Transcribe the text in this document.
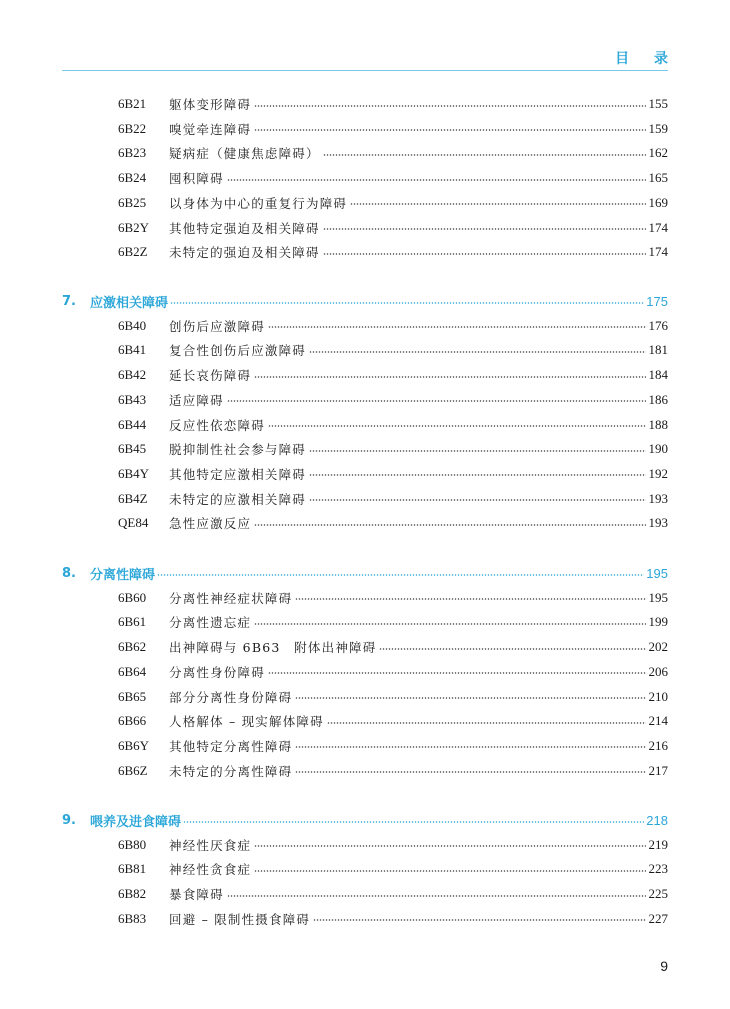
目 录
6B21	躯体变形障碍	155
6B22	嗅觉牵连障碍	159
6B23	疑病症（健康焦虑障碍）	162
6B24	囤积障碍	165
6B25	以身体为中心的重复行为障碍	169
6B2Y	其他特定强迫及相关障碍	174
6B2Z	未特定的强迫及相关障碍	174
7.	应激相关障碍	175
6B40	创伤后应激障碍	176
6B41	复合性创伤后应激障碍	181
6B42	延长哀伤障碍	184
6B43	适应障碍	186
6B44	反应性依恋障碍	188
6B45	脱抑制性社会参与障碍	190
6B4Y	其他特定应激相关障碍	192
6B4Z	未特定的应激相关障碍	193
QE84	急性应激反应	193
8.	分离性障碍	195
6B60	分离性神经症状障碍	195
6B61	分离性遗忘症	199
6B62	出神障碍与 6B63　附体出神障碍	202
6B64	分离性身份障碍	206
6B65	部分分离性身份障碍	210
6B66	人格解体 – 现实解体障碍	214
6B6Y	其他特定分离性障碍	216
6B6Z	未特定的分离性障碍	217
9.	喂养及进食障碍	218
6B80	神经性厌食症	219
6B81	神经性贪食症	223
6B82	暴食障碍	225
6B83	回避 – 限制性摄食障碍	227
9
